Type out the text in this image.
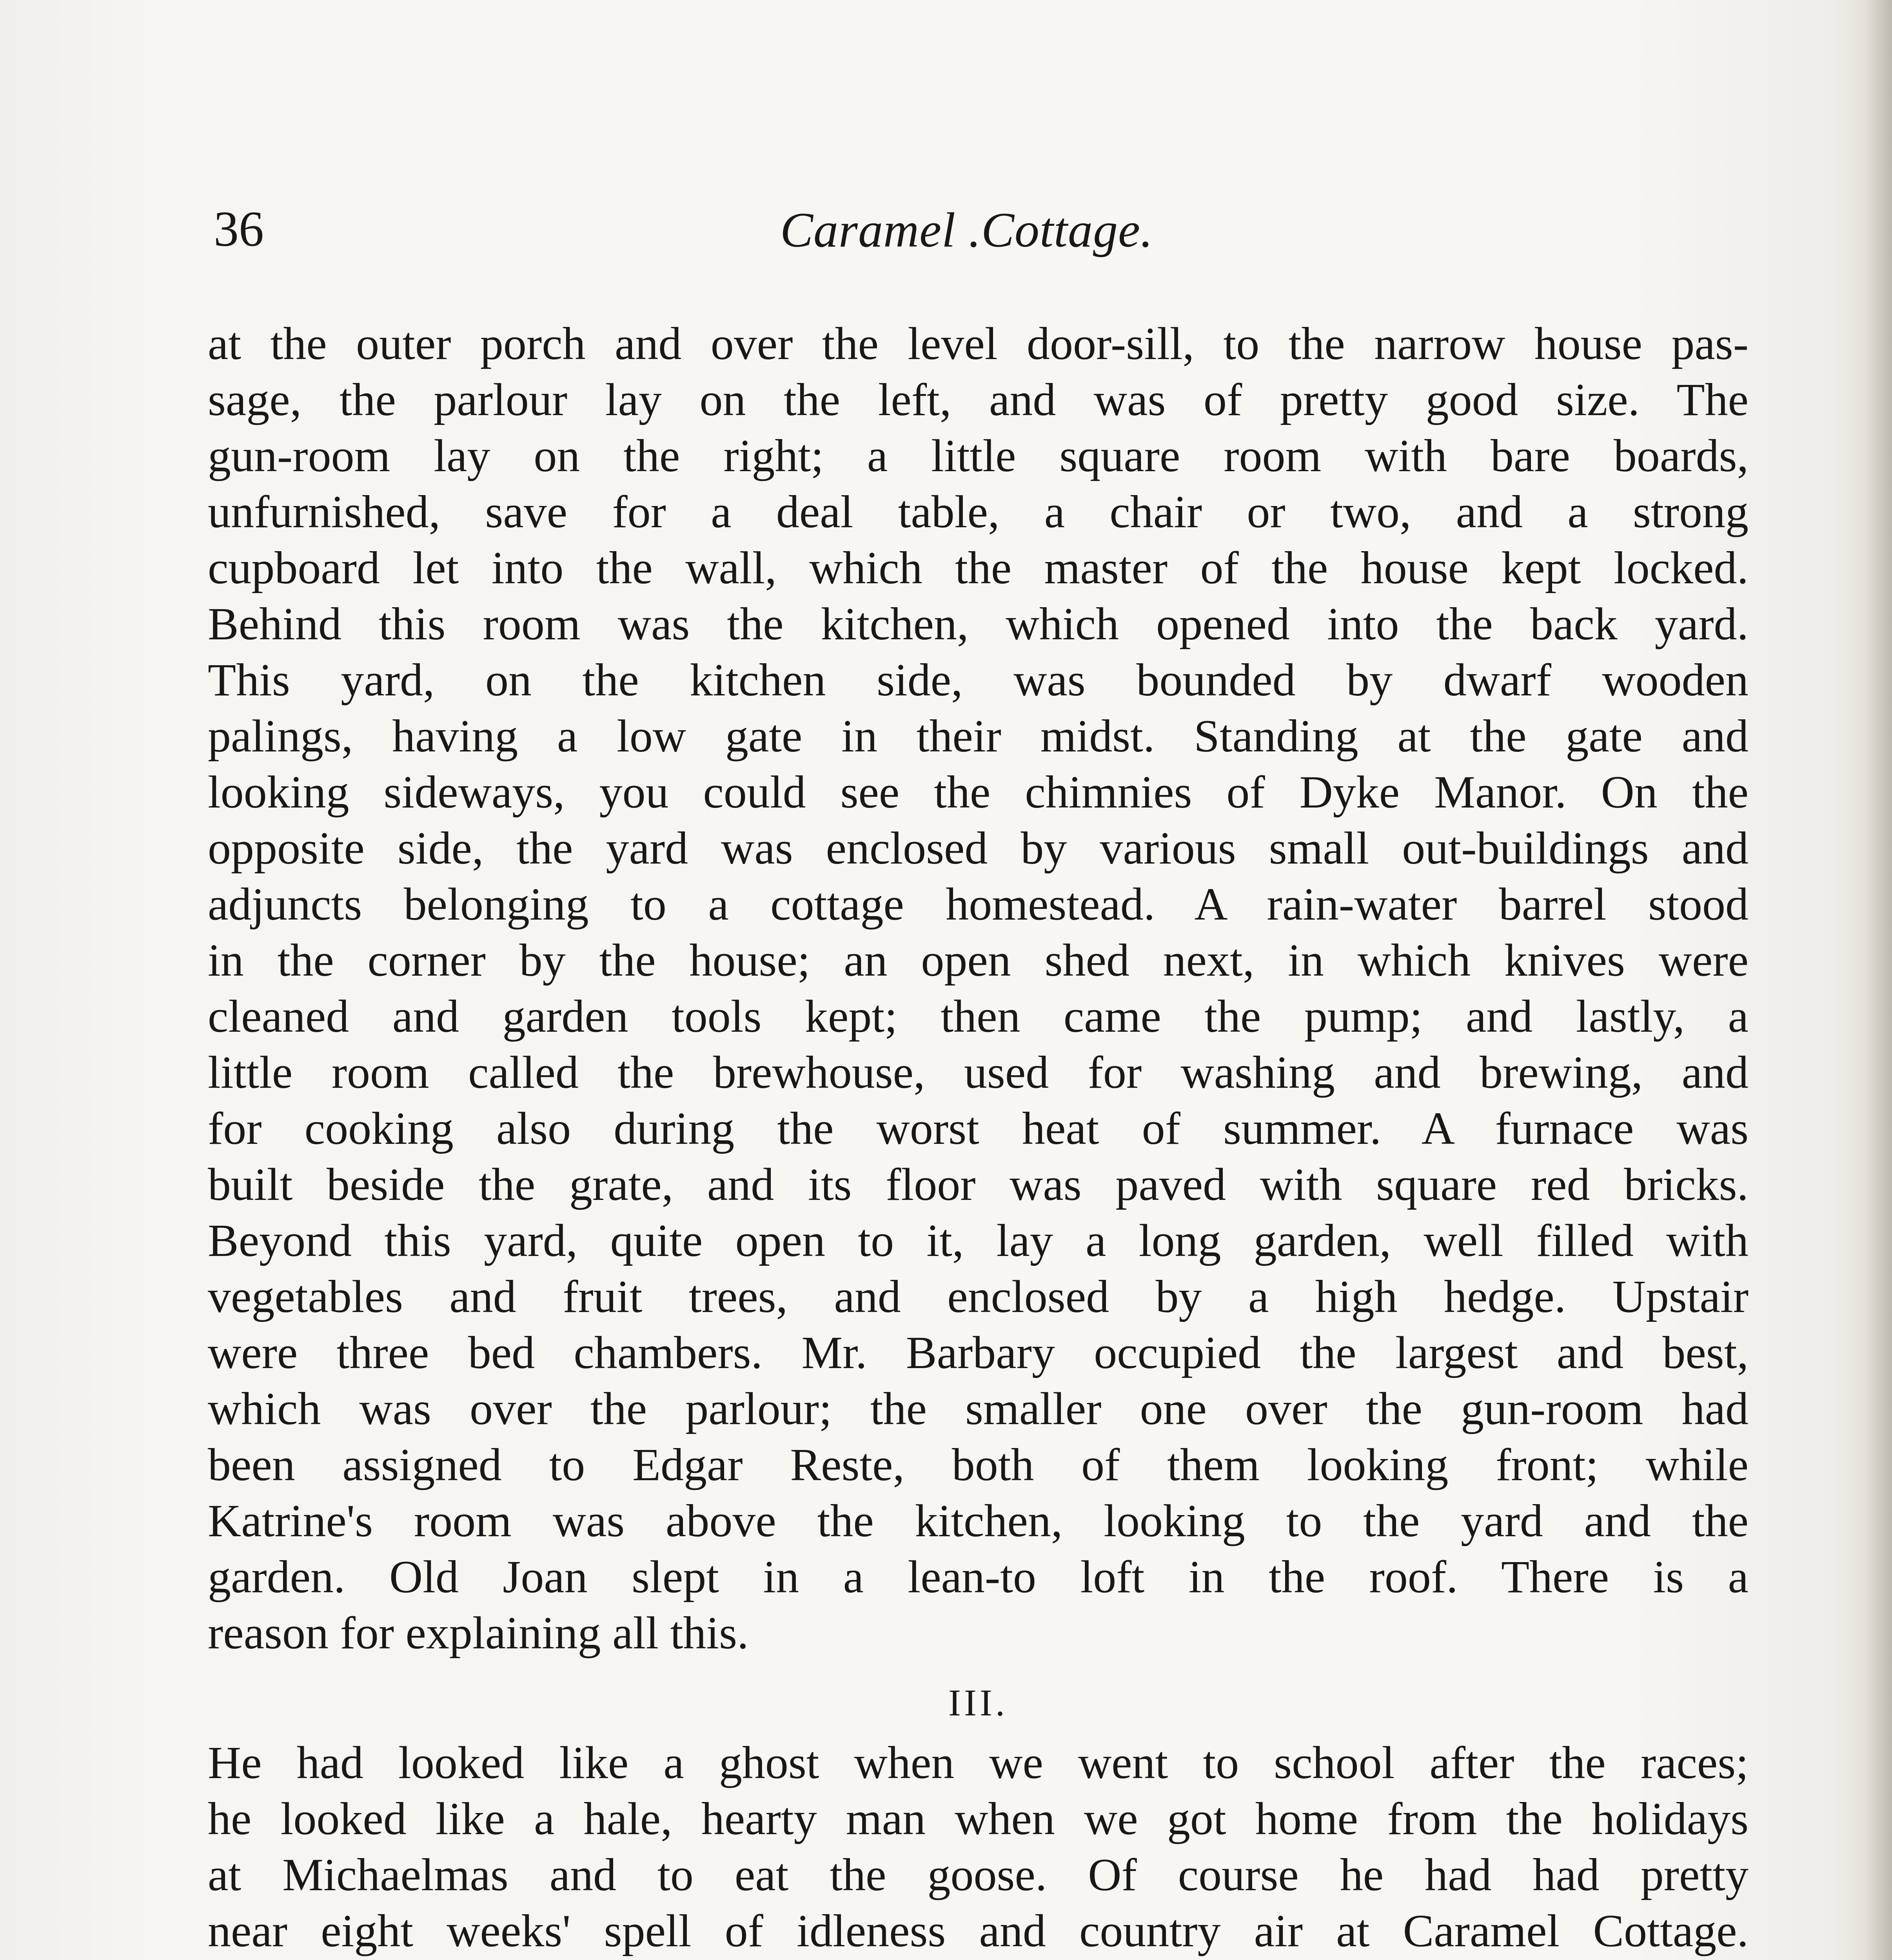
36	Caramel .Cottage.
at the outer porch and over the level door-sill, to the narrow house pas-
sage, the parlour lay on the left, and was of pretty good size. The
gun-room lay on the right; a little square room with bare boards,
unfurnished, save for a deal table, a chair or two, and a strong
cupboard let into the wall, which the master of the house kept locked.
Behind this room was the kitchen, which opened into the back yard.
This yard, on the kitchen side, was bounded by dwarf wooden
palings, having a low gate in their midst. Standing at the gate and
looking sideways, you could see the chimnies of Dyke Manor. On the
opposite side, the yard was enclosed by various small out-buildings and
adjuncts belonging to a cottage homestead. A rain-water barrel stood
in the corner by the house; an open shed next, in which knives were
cleaned and garden tools kept; then came the pump; and lastly, a
little room called the brewhouse, used for washing and brewing, and
for cooking also during the worst heat of summer. A furnace was
built beside the grate, and its floor was paved with square red bricks.
Beyond this yard, quite open to it, lay a long garden, well filled with
vegetables and fruit trees, and enclosed by a high hedge. Upstair
were three bed chambers. Mr. Barbary occupied the largest and best,
which was over the parlour; the smaller one over the gun-room had
been assigned to Edgar Reste, both of them looking front; while
Katrine's room was above the kitchen, looking to the yard and the
garden. Old Joan slept in a lean-to loft in the roof. There is a
reason for explaining all this.
III.
He had looked like a ghost when we went to school after the races;
he looked like a hale, hearty man when we got home from the holidays
at Michaelmas and to eat the goose. Of course he had had pretty
near eight weeks' spell of idleness and country air at Caramel Cottage.
